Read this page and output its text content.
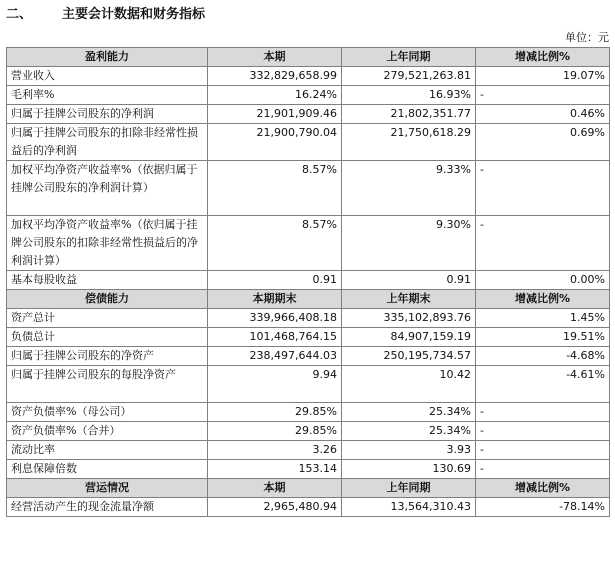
二、 主要会计数据和财务指标
单位：元
盈利能力	本期	上年同期	增减比例%
营业收入	332,829,658.99	279,521,263.81	19.07%
毛利率%	16.24%	16.93%	-
归属于挂牌公司股东的净利润	21,901,909.46	21,802,351.77	0.46%
归属于挂牌公司股东的扣除非经常性损益后的净利润	21,900,790.04	21,750,618.29	0.69%
加权平均净资产收益率%（依据归属于挂牌公司股东的净利润计算）	8.57%	9.33%	-
加权平均净资产收益率%（依归属于挂牌公司股东的扣除非经常性损益后的净利润计算）	8.57%	9.30%	-
基本每股收益	0.91	0.91	0.00%
偿债能力	本期期末	上年期末	增减比例%
资产总计	339,966,408.18	335,102,893.76	1.45%
负债总计	101,468,764.15	84,907,159.19	19.51%
归属于挂牌公司股东的净资产	238,497,644.03	250,195,734.57	-4.68%
归属于挂牌公司股东的每股净资产	9.94	10.42	-4.61%
资产负债率%（母公司）	29.85%	25.34%	-
资产负债率%（合并）	29.85%	25.34%	-
流动比率	3.26	3.93	-
利息保障倍数	153.14	130.69	-
营运情况	本期	上年同期	增减比例%
经营活动产生的现金流量净额	2,965,480.94	13,564,310.43	-78.14%
